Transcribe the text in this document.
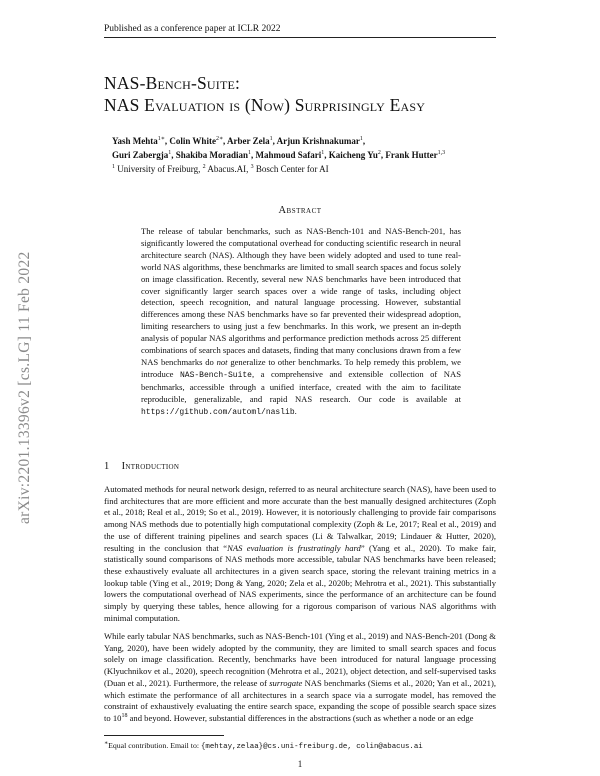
Published as a conference paper at ICLR 2022
arXiv:2201.13396v2 [cs.LG] 11 Feb 2022
NAS-Bench-Suite:
NAS Evaluation is (Now) Surprisingly Easy
Yash Mehta$^{1∗}$, Colin White$^{2∗}$, Arber Zela$^1$, Arjun Krishnakumar$^1$,
Guri Zabergja$^1$, Shakiba Moradian$^1$, Mahmoud Safari$^1$, Kaicheng Yu$^2$, Frank Hutter$^{1,3}$
$^1$ University of Freiburg, $^2$ Abacus.AI, $^3$ Bosch Center for AI
Abstract
The release of tabular benchmarks, such as NAS-Bench-101 and NAS-Bench-201, has significantly lowered the computational overhead for conducting scientific research in neural architecture search (NAS). Although they have been widely adopted and used to tune real-world NAS algorithms, these benchmarks are limited to small search spaces and focus solely on image classification. Recently, several new NAS benchmarks have been introduced that cover significantly larger search spaces over a wide range of tasks, including object detection, speech recognition, and natural language processing. However, substantial differences among these NAS benchmarks have so far prevented their widespread adoption, limiting researchers to using just a few benchmarks. In this work, we present an in-depth analysis of popular NAS algorithms and performance prediction methods across 25 different combinations of search spaces and datasets, finding that many conclusions drawn from a few NAS benchmarks do not generalize to other benchmarks. To help remedy this problem, we introduce NAS-Bench-Suite, a comprehensive and extensible collection of NAS benchmarks, accessible through a unified interface, created with the aim to facilitate reproducible, generalizable, and rapid NAS research. Our code is available at https://github.com/automl/naslib.
1 Introduction
Automated methods for neural network design, referred to as neural architecture search (NAS), have been used to find architectures that are more efficient and more accurate than the best manually designed architectures (Zoph et al., 2018; Real et al., 2019; So et al., 2019). However, it is notoriously challenging to provide fair comparisons among NAS methods due to potentially high computational complexity (Zoph & Le, 2017; Real et al., 2019) and the use of different training pipelines and search spaces (Li & Talwalkar, 2019; Lindauer & Hutter, 2020), resulting in the conclusion that “NAS evaluation is frustratingly hard” (Yang et al., 2020). To make fair, statistically sound comparisons of NAS methods more accessible, tabular NAS benchmarks have been released; these exhaustively evaluate all architectures in a given search space, storing the relevant training metrics in a lookup table (Ying et al., 2019; Dong & Yang, 2020; Zela et al., 2020b; Mehrotra et al., 2021). This substantially lowers the computational overhead of NAS experiments, since the performance of an architecture can be found simply by querying these tables, hence allowing for a rigorous comparison of various NAS algorithms with minimal computation.
While early tabular NAS benchmarks, such as NAS-Bench-101 (Ying et al., 2019) and NAS-Bench-201 (Dong & Yang, 2020), have been widely adopted by the community, they are limited to small search spaces and focus solely on image classification. Recently, benchmarks have been introduced for natural language processing (Klyuchnikov et al., 2020), speech recognition (Mehrotra et al., 2021), object detection, and self-supervised tasks (Duan et al., 2021). Furthermore, the release of surrogate NAS benchmarks (Siems et al., 2020; Yan et al., 2021), which estimate the performance of all architectures in a search space via a surrogate model, has removed the constraint of exhaustively evaluating the entire search space, expanding the scope of possible search space sizes to $10^{18}$ and beyond. However, substantial differences in the abstractions (such as whether a node or an edge
∗Equal contribution. Email to: {mehtay,zelaa}@cs.uni-freiburg.de, colin@abacus.ai
1
